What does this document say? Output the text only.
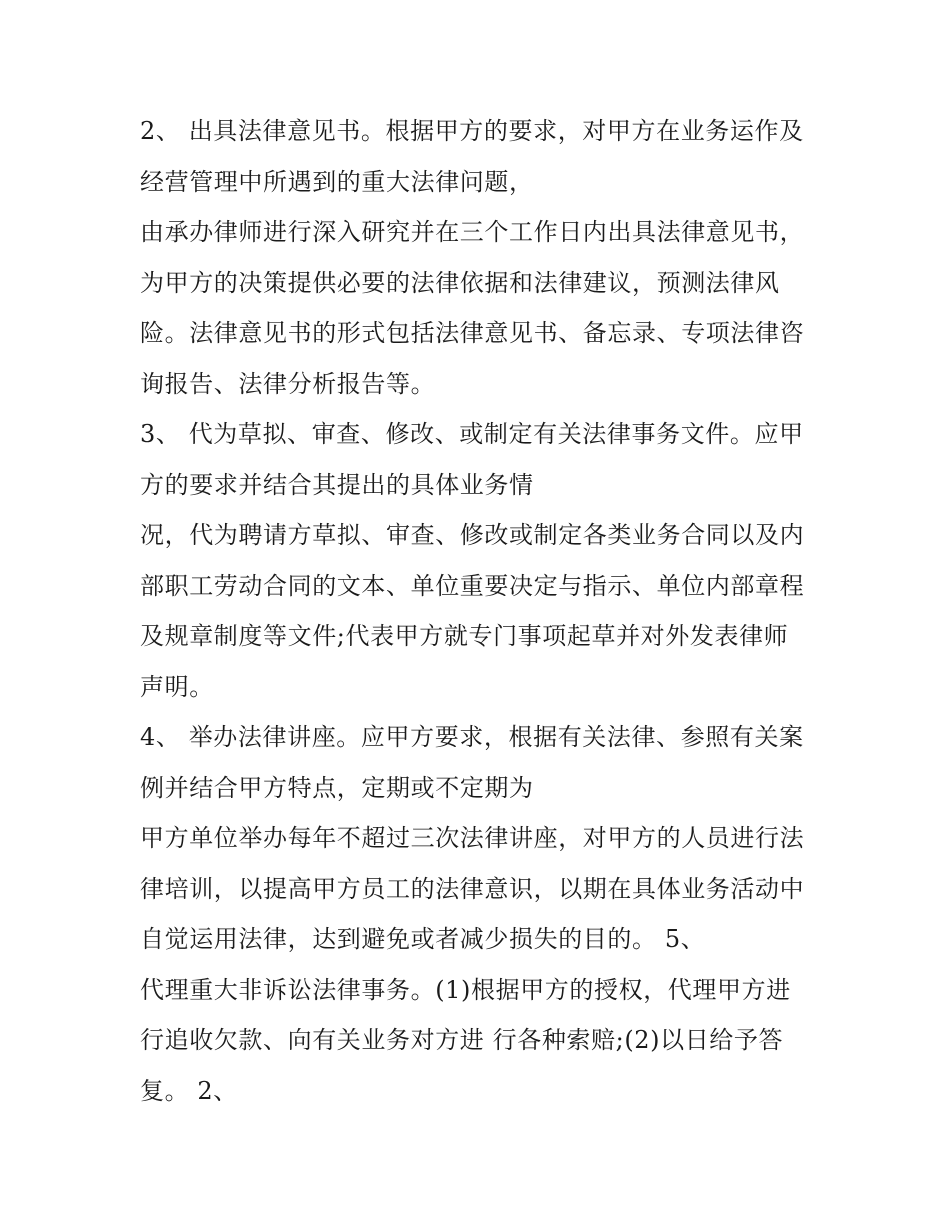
2、 出具法律意见书。根据甲方的要求，对甲方在业务运作及
经营管理中所遇到的重大法律问题，
由承办律师进行深入研究并在三个工作日内出具法律意见书，
为甲方的决策提供必要的法律依据和法律建议，预测法律风
险。法律意见书的形式包括法律意见书、备忘录、专项法律咨
询报告、法律分析报告等。
3、 代为草拟、审查、修改、或制定有关法律事务文件。应甲
方的要求并结合其提出的具体业务情
况，代为聘请方草拟、审查、修改或制定各类业务合同以及内
部职工劳动合同的文本、单位重要决定与指示、单位内部章程
及规章制度等文件;代表甲方就专门事项起草并对外发表律师
声明。
4、 举办法律讲座。应甲方要求，根据有关法律、参照有关案
例并结合甲方特点，定期或不定期为
甲方单位举办每年不超过三次法律讲座，对甲方的人员进行法
律培训，以提高甲方员工的法律意识，以期在具体业务活动中
自觉运用法律，达到避免或者减少损失的目的。 5、
代理重大非诉讼法律事务。(1)根据甲方的授权，代理甲方进
行追收欠款、向有关业务对方进 行各种索赔;(2)以日给予答
复。 2、
